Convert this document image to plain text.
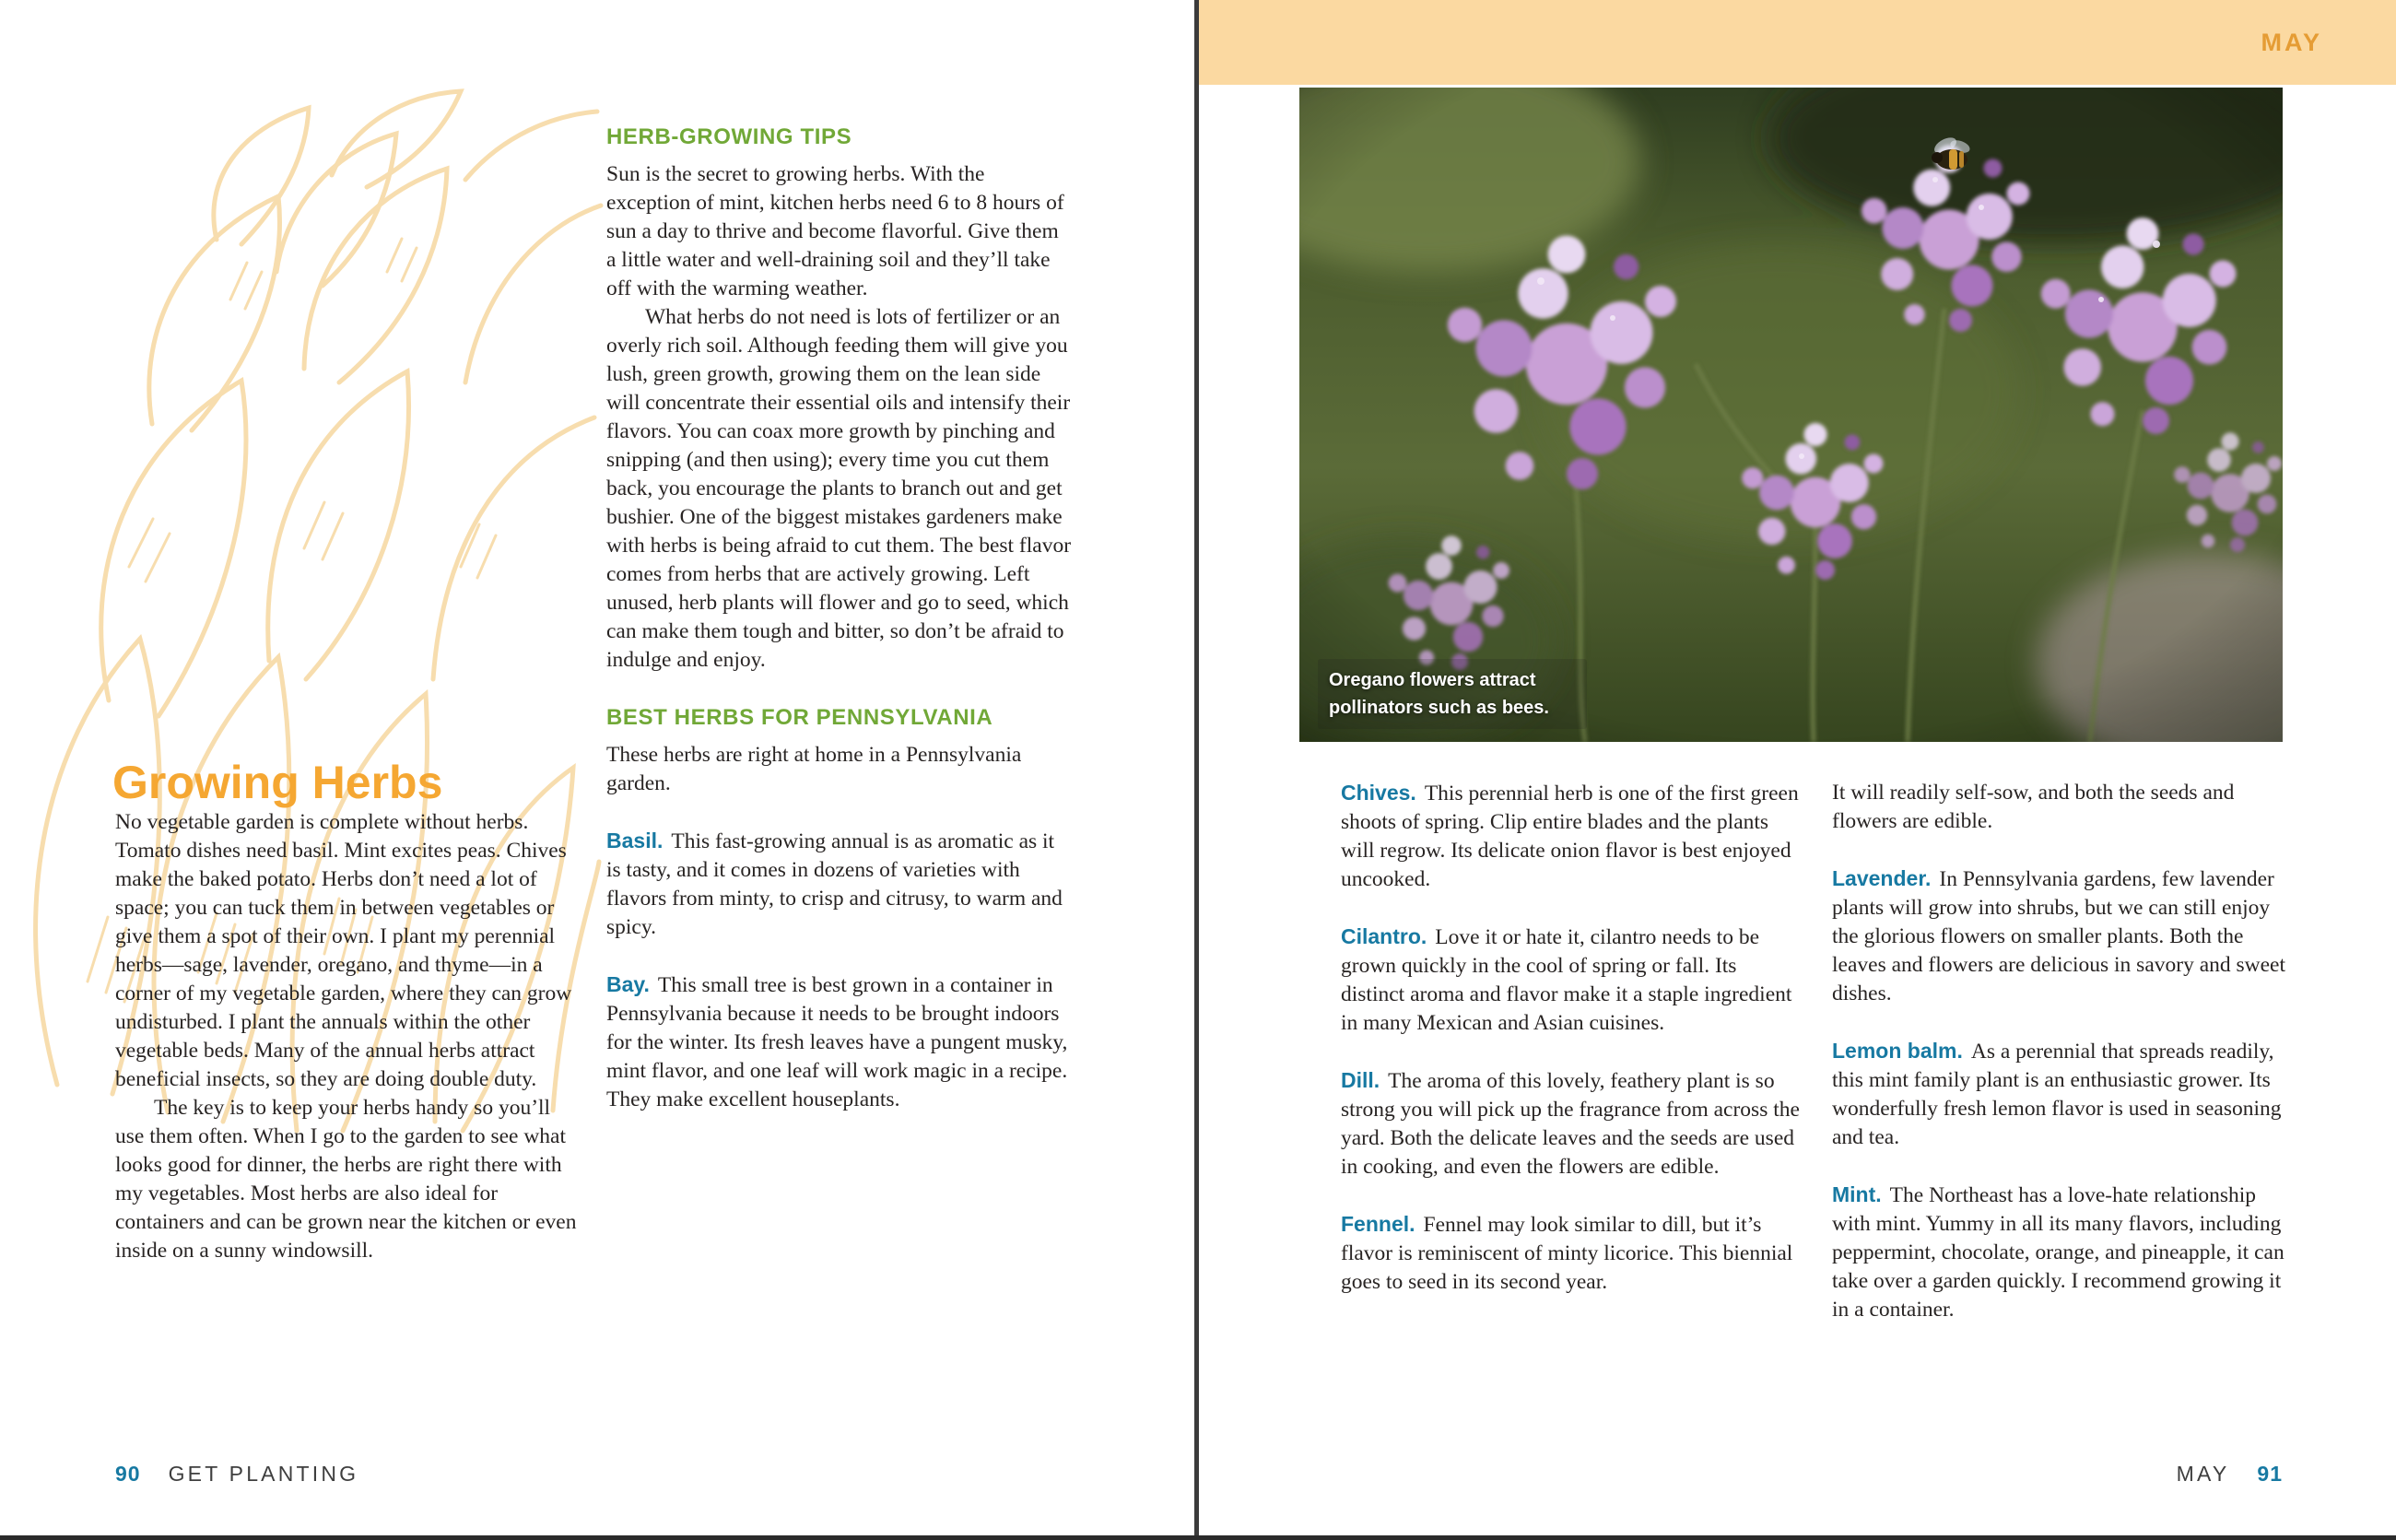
Growing Herbs

No vegetable garden is complete without herbs. Tomato dishes need basil. Mint excites peas. Chives make the baked potato. Herbs don’t need a lot of space; you can tuck them in between vegetables or give them a spot of their own. I plant my perennial herbs—sage, lavender, oregano, and thyme—in a corner of my vegetable garden, where they can grow undisturbed. I plant the annuals within the other vegetable beds. Many of the annual herbs attract beneficial insects, so they are doing double duty.

The key is to keep your herbs handy so you’ll use them often. When I go to the garden to see what looks good for dinner, the herbs are right there with my vegetables. Most herbs are also ideal for containers and can be grown near the kitchen or even inside on a sunny windowsill.

HERB-GROWING TIPS

Sun is the secret to growing herbs. With the exception of mint, kitchen herbs need 6 to 8 hours of sun a day to thrive and become flavorful. Give them a little water and well-draining soil and they’ll take off with the warming weather.

What herbs do not need is lots of fertilizer or an overly rich soil. Although feeding them will give you lush, green growth, growing them on the lean side will concentrate their essential oils and intensify their flavors. You can coax more growth by pinching and snipping (and then using); every time you cut them back, you encourage the plants to branch out and get bushier. One of the biggest mistakes gardeners make with herbs is being afraid to cut them. The best flavor comes from herbs that are actively growing. Left unused, herb plants will flower and go to seed, which can make them tough and bitter, so don’t be afraid to indulge and enjoy.

BEST HERBS FOR PENNSYLVANIA

These herbs are right at home in a Pennsylvania garden.

Basil. This fast-growing annual is as aromatic as it is tasty, and it comes in dozens of varieties with flavors from minty, to crisp and citrusy, to warm and spicy.

Bay. This small tree is best grown in a container in Pennsylvania because it needs to be brought indoors for the winter. Its fresh leaves have a pungent musky, mint flavor, and one leaf will work magic in a recipe. They make excellent houseplants.

90 GET PLANTING
MAY
Oregano flowers attract pollinators such as bees.

Chives. This perennial herb is one of the first green shoots of spring. Clip entire blades and the plants will regrow. Its delicate onion flavor is best enjoyed uncooked.

Cilantro. Love it or hate it, cilantro needs to be grown quickly in the cool of spring or fall. Its distinct aroma and flavor make it a staple ingredient in many Mexican and Asian cuisines.

Dill. The aroma of this lovely, feathery plant is so strong you will pick up the fragrance from across the yard. Both the delicate leaves and the seeds are used in cooking, and even the flowers are edible.

Fennel. Fennel may look similar to dill, but it’s flavor is reminiscent of minty licorice. This biennial goes to seed in its second year.

It will readily self-sow, and both the seeds and flowers are edible.

Lavender. In Pennsylvania gardens, few lavender plants will grow into shrubs, but we can still enjoy the glorious flowers on smaller plants. Both the leaves and flowers are delicious in savory and sweet dishes.

Lemon balm. As a perennial that spreads readily, this mint family plant is an enthusiastic grower. Its wonderfully fresh lemon flavor is used in seasoning and tea.

Mint. The Northeast has a love-hate relationship with mint. Yummy in all its many flavors, including peppermint, chocolate, orange, and pineapple, it can take over a garden quickly. I recommend growing it in a container.

MAY 91
